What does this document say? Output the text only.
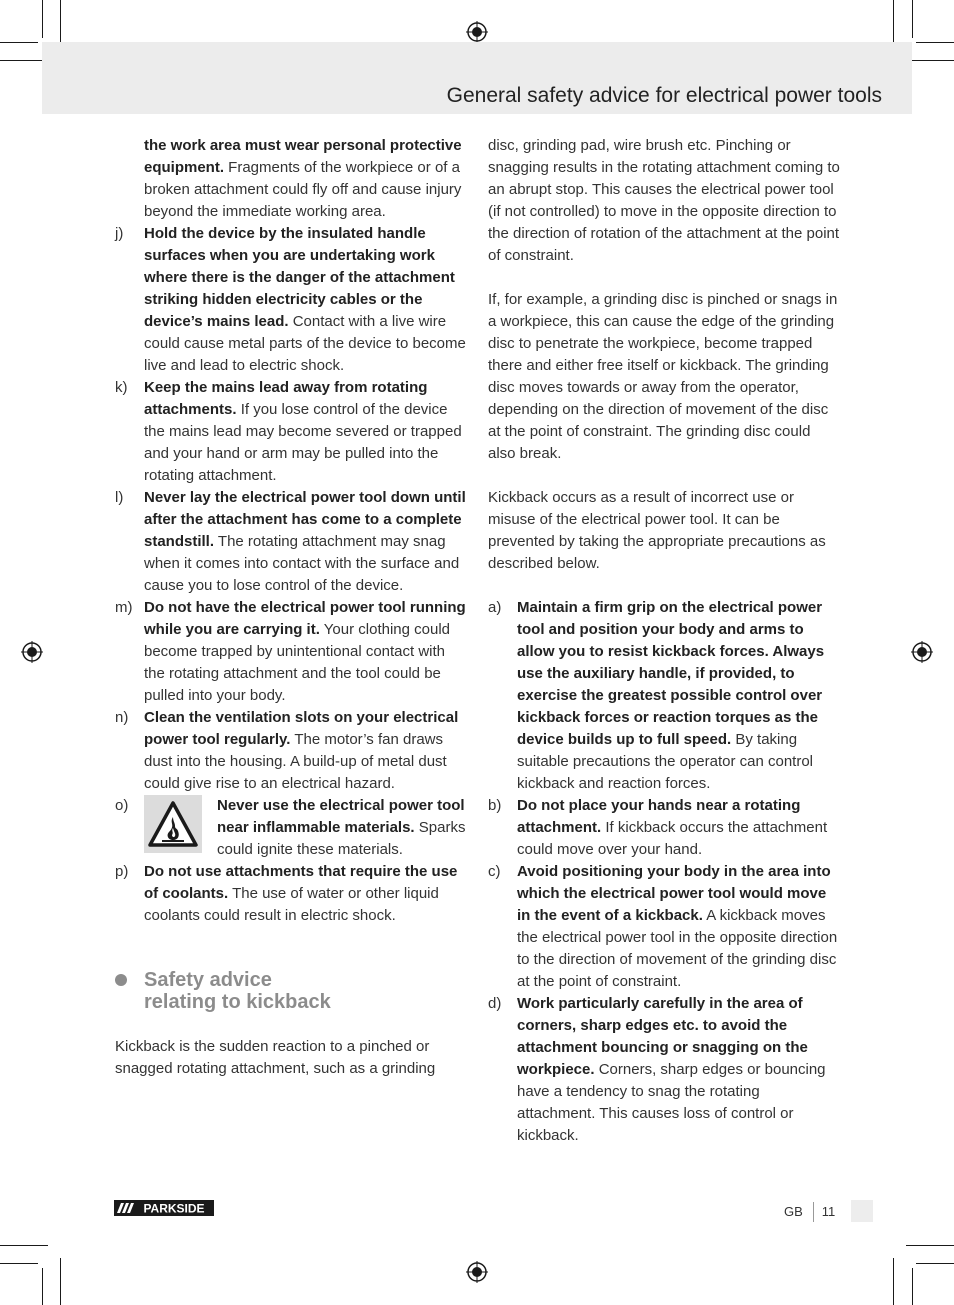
General safety advice for electrical power tools

the work area must wear personal protective equipment. Fragments of the workpiece or of a broken attachment could fly off and cause injury beyond the immediate working area.

j) Hold the device by the insulated handle surfaces when you are undertaking work where there is the danger of the attachment striking hidden electricity cables or the device’s mains lead. Contact with a live wire could cause metal parts of the device to become live and lead to electric shock.

k) Keep the mains lead away from rotating attachments. If you lose control of the device the mains lead may become severed or trapped and your hand or arm may be pulled into the rotating attachment.

l) Never lay the electrical power tool down until after the attachment has come to a complete standstill. The rotating attachment may snag when it comes into contact with the surface and cause you to lose control of the device.

m) Do not have the electrical power tool running while you are carrying it. Your clothing could become trapped by unintentional contact with the rotating attachment and the tool could be pulled into your body.

n) Clean the ventilation slots on your electrical power tool regularly. The motor’s fan draws dust into the housing. A build-up of metal dust could give rise to an electrical hazard.

o)	Never use the electrical power tool near inflammable materials. Sparks could ignite these materials.

p) Do not use attachments that require the use of coolants. The use of water or other liquid coolants could result in electric shock.

Safety advice
relating to kickback

Kickback is the sudden reaction to a pinched or snagged rotating attachment, such as a grinding

disc, grinding pad, wire brush etc. Pinching or snagging results in the rotating attachment coming to an abrupt stop. This causes the electrical power tool (if not controlled) to move in the opposite direction to the direction of rotation of the attachment at the point of constraint.

If, for example, a grinding disc is pinched or snags in a workpiece, this can cause the edge of the grinding disc to penetrate the workpiece, become trapped there and either free itself or kickback. The grinding disc moves towards or away from the operator, depending on the direction of movement of the disc at the point of constraint. The grinding disc could also break.

Kickback occurs as a result of incorrect use or misuse of the electrical power tool. It can be prevented by taking the appropriate precautions as described below.

a) Maintain a firm grip on the electrical power tool and position your body and arms to allow you to resist kickback forces. Always use the auxiliary handle, if provided, to exercise the greatest possible control over kickback forces or reaction torques as the device builds up to full speed. By taking suitable precautions the operator can control kickback and reaction forces.

b) Do not place your hands near a rotating attachment. If kickback occurs the attachment could move over your hand.

c) Avoid positioning your body in the area into which the electrical power tool would move in the event of a kickback. A kickback moves the electrical power tool in the opposite direction to the direction of movement of the grinding disc at the point of constraint.

d) Work particularly carefully in the area of corners, sharp edges etc. to avoid the attachment bouncing or snagging on the workpiece. Corners, sharp edges or bouncing have a tendency to snag the rotating attachment. This causes loss of control or kickback.

PARKSIDE	GB 11
